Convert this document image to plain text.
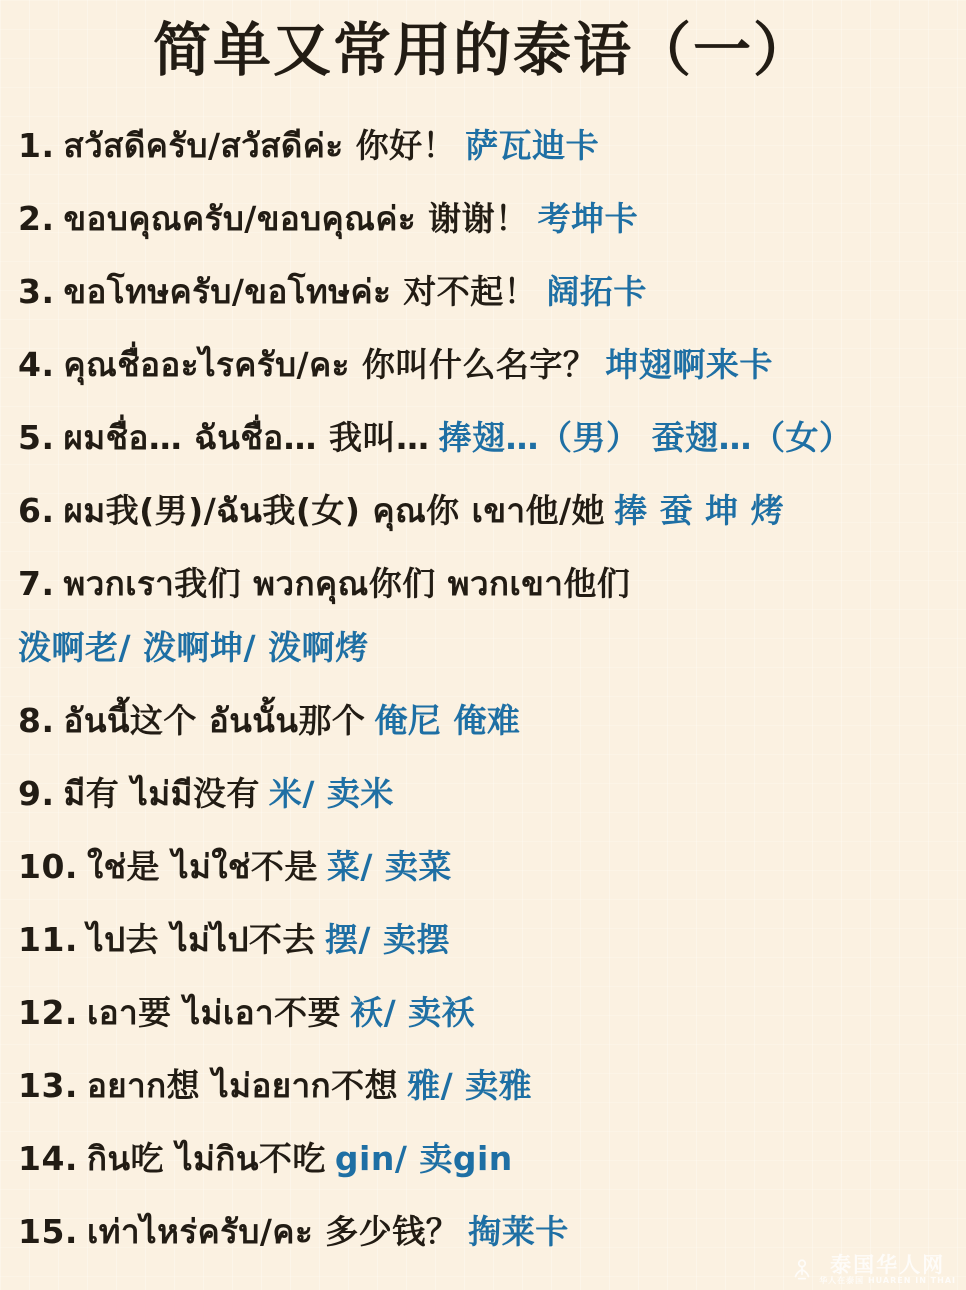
简单又常用的泰语（一）
1. สวัสดีครับ/สวัสดีค่ะ 你好！ 萨瓦迪卡
2. ขอบคุณครับ/ขอบคุณค่ะ 谢谢！ 考坤卡
3. ขอโทษครับ/ขอโทษค่ะ 对不起！ 阔拓卡
4. คุณชื่ออะไรครับ/คะ 你叫什么名字？ 坤翅啊来卡
5. ผมชื่อ… ฉันชื่อ… 我叫… 捧翅…（男） 蚕翅…（女）
6. ผม我(男)/ฉัน我(女) คุณ你 เขา他/她 捧 蚕 坤 烤
7. พวกเรา我们 พวกคุณ你们 พวกเขา他们
泼啊老/ 泼啊坤/ 泼啊烤
8. อันนี้这个 อันนั้น那个 俺尼 俺难
9. มี有 ไม่มี没有 米/ 卖米
10. ใช่是 ไม่ใช่不是 菜/ 卖菜
11. ไป去 ไม่ไป不去 摆/ 卖摆
12. เอา要 ไม่เอา不要 袄/ 卖袄
13. อยาก想 ไม่อยาก不想 雅/ 卖雅
14. กิน吃 ไม่กิน不吃 gin/ 卖gin
15. เท่าไหร่ครับ/คะ 多少钱？ 掏莱卡
泰国华人网
华人在泰国 HUAREN IN THAI
